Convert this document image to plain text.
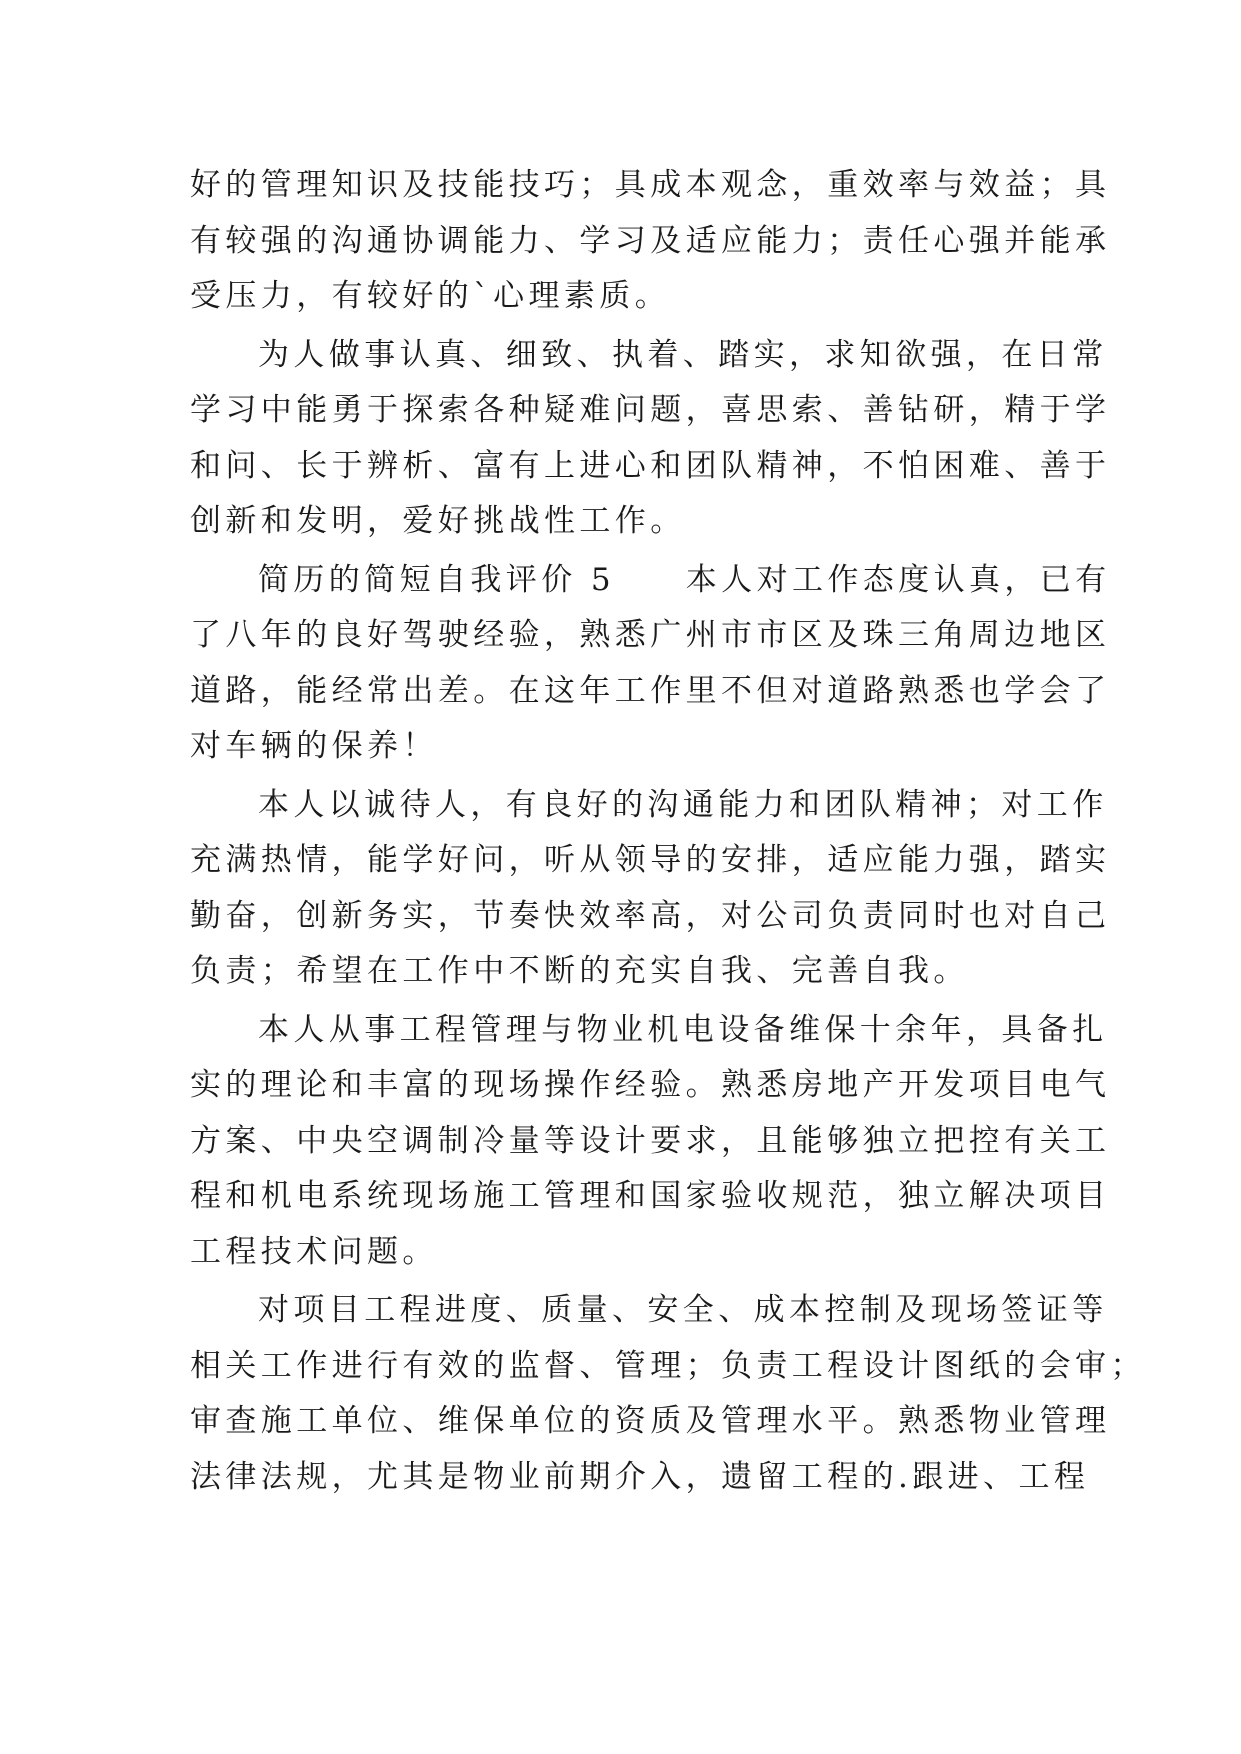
好的管理知识及技能技巧；具成本观念，重效率与效益；具
有较强的沟通协调能力、学习及适应能力；责任心强并能承
受压力，有较好的`心理素质。
为人做事认真、细致、执着、踏实，求知欲强，在日常
学习中能勇于探索各种疑难问题，喜思索、善钻研，精于学
和问、长于辨析、富有上进心和团队精神，不怕困难、善于
创新和发明，爱好挑战性工作。
简历的简短自我评价 5　　本人对工作态度认真，已有
了八年的良好驾驶经验，熟悉广州市市区及珠三角周边地区
道路，能经常出差。在这年工作里不但对道路熟悉也学会了
对车辆的保养！
本人以诚待人，有良好的沟通能力和团队精神；对工作
充满热情，能学好问，听从领导的安排，适应能力强，踏实
勤奋，创新务实，节奏快效率高，对公司负责同时也对自己
负责；希望在工作中不断的充实自我、完善自我。
本人从事工程管理与物业机电设备维保十余年，具备扎
实的理论和丰富的现场操作经验。熟悉房地产开发项目电气
方案、中央空调制冷量等设计要求，且能够独立把控有关工
程和机电系统现场施工管理和国家验收规范，独立解决项目
工程技术问题。
对项目工程进度、质量、安全、成本控制及现场签证等
相关工作进行有效的监督、管理；负责工程设计图纸的会审；
审查施工单位、维保单位的资质及管理水平。熟悉物业管理
法律法规，尤其是物业前期介入，遗留工程的.跟进、工程
